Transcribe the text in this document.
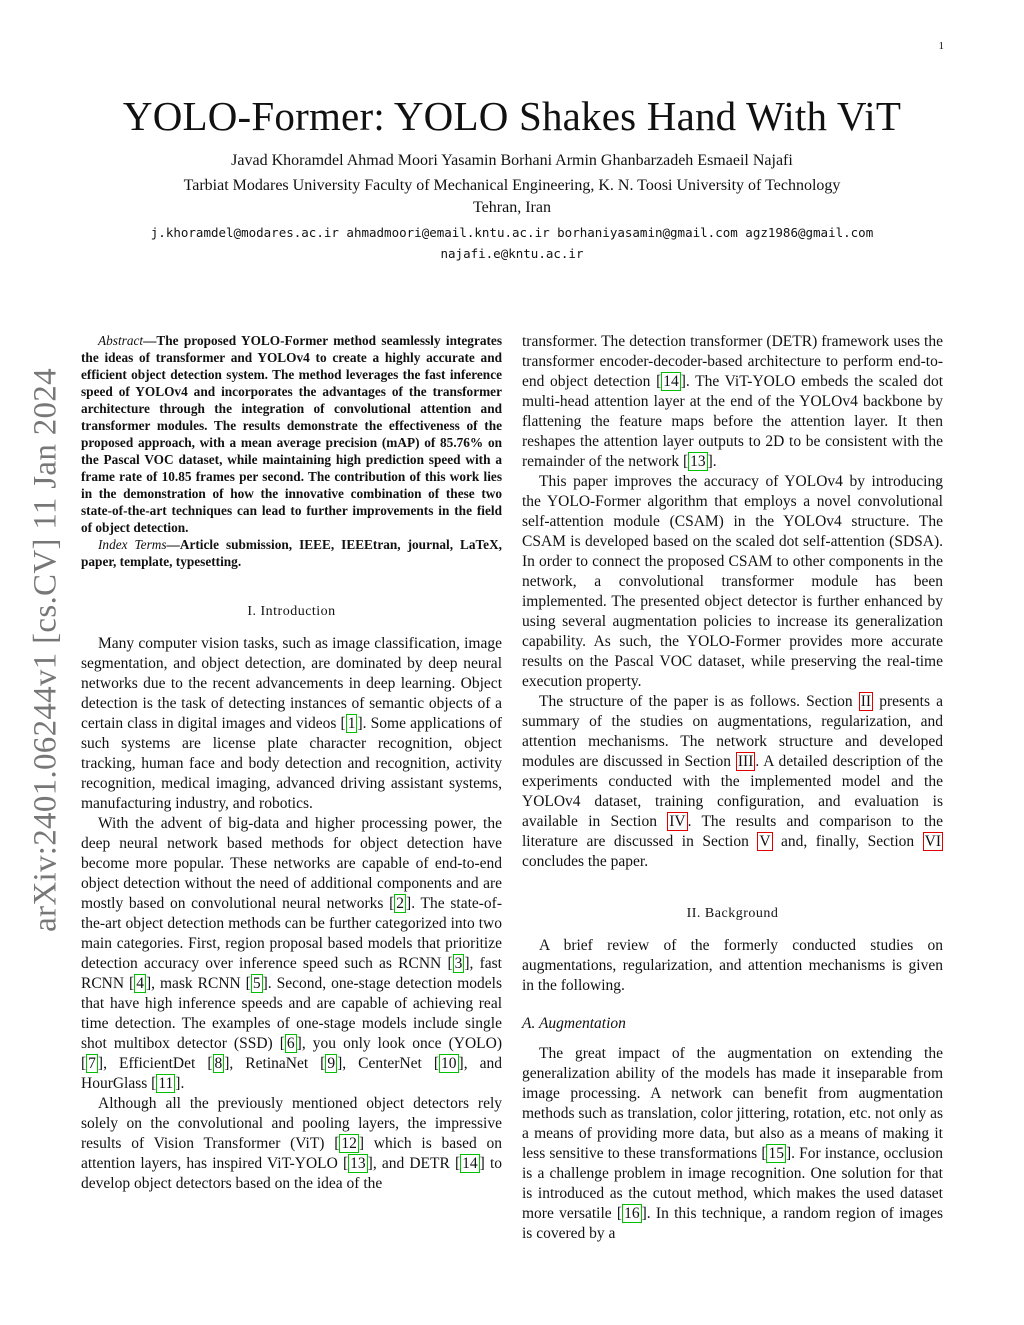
1
arXiv:2401.06244v1 [cs.CV] 11 Jan 2024
YOLO-Former: YOLO Shakes Hand With ViT
Javad Khoramdel Ahmad Moori Yasamin Borhani Armin Ghanbarzadeh Esmaeil Najafi
Tarbiat Modares University Faculty of Mechanical Engineering, K. N. Toosi University of Technology
Tehran, Iran
j.khoramdel@modares.ac.ir ahmadmoori@email.kntu.ac.ir borhaniyasamin@gmail.com agz1986@gmail.com
najafi.e@kntu.ac.ir

Abstract—The proposed YOLO-Former method seamlessly integrates the ideas of transformer and YOLOv4 to create a highly accurate and efficient object detection system. The method leverages the fast inference speed of YOLOv4 and incorporates the advantages of the transformer architecture through the integration of convolutional attention and transformer modules. The results demonstrate the effectiveness of the proposed approach, with a mean average precision (mAP) of 85.76% on the Pascal VOC dataset, while maintaining high prediction speed with a frame rate of 10.85 frames per second. The contribution of this work lies in the demonstration of how the innovative combination of these two state-of-the-art techniques can lead to further improvements in the field of object detection.

Index Terms—Article submission, IEEE, IEEEtran, journal, LaTeX, paper, template, typesetting.

I. Introduction

Many computer vision tasks, such as image classification, image segmentation, and object detection, are dominated by deep neural networks due to the recent advancements in deep learning. Object detection is the task of detecting instances of semantic objects of a certain class in digital images and videos [ 1 ]. Some applications of such systems are license plate character recognition, object tracking, human face and body detection and recognition, activity recognition, medical imaging, advanced driving assistant systems, manufacturing industry, and robotics.

With the advent of big-data and higher processing power, the deep neural network based methods for object detection have become more popular. These networks are capable of end-to-end object detection without the need of additional components and are mostly based on convolutional neural networks [ 2 ]. The state-of-the-art object detection methods can be further categorized into two main categories. First, region proposal based models that prioritize detection accuracy over inference speed such as RCNN [ 3 ], fast RCNN [ 4 ], mask RCNN [ 5 ]. Second, one-stage detection models that have high inference speeds and are capable of achieving real time detection. The examples of one-stage models include single shot multibox detector (SSD) [ 6 ], you only look once (YOLO) [ 7 ], EfficientDet [ 8 ], RetinaNet [ 9 ], CenterNet [ 10 ], and HourGlass [ 11 ].

Although all the previously mentioned object detectors rely solely on the convolutional and pooling layers, the impressive results of Vision Transformer (ViT) [ 12 ] which is based on attention layers, has inspired ViT-YOLO [ 13 ], and DETR [ 14 ] to develop object detectors based on the idea of the

transformer. The detection transformer (DETR) framework uses the transformer encoder-decoder-based architecture to perform end-to-end object detection [ 14 ]. The ViT-YOLO embeds the scaled dot multi-head attention layer at the end of the YOLOv4 backbone by flattening the feature maps before the attention layer. It then reshapes the attention layer outputs to 2D to be consistent with the remainder of the network [ 13 ].

This paper improves the accuracy of YOLOv4 by introducing the YOLO-Former algorithm that employs a novel convolutional self-attention module (CSAM) in the YOLOv4 structure. The CSAM is developed based on the scaled dot self-attention (SDSA). In order to connect the proposed CSAM to other components in the network, a convolutional transformer module has been implemented. The presented object detector is further enhanced by using several augmentation policies to increase its generalization capability. As such, the YOLO-Former provides more accurate results on the Pascal VOC dataset, while preserving the real-time execution property.

The structure of the paper is as follows. Section II presents a summary of the studies on augmentations, regularization, and attention mechanisms. The network structure and developed modules are discussed in Section III . A detailed description of the experiments conducted with the implemented model and the YOLOv4 dataset, training configuration, and evaluation is available in Section IV . The results and comparison to the literature are discussed in Section V and, finally, Section VI concludes the paper.

II. Background

A brief review of the formerly conducted studies on augmentations, regularization, and attention mechanisms is given in the following.

A. Augmentation

The great impact of the augmentation on extending the generalization ability of the models has made it inseparable from image processing. A network can benefit from augmentation methods such as translation, color jittering, rotation, etc. not only as a means of providing more data, but also as a means of making it less sensitive to these transformations [ 15 ]. For instance, occlusion is a challenge problem in image recognition. One solution for that is introduced as the cutout method, which makes the used dataset more versatile [ 16 ]. In this technique, a random region of images is covered by a
